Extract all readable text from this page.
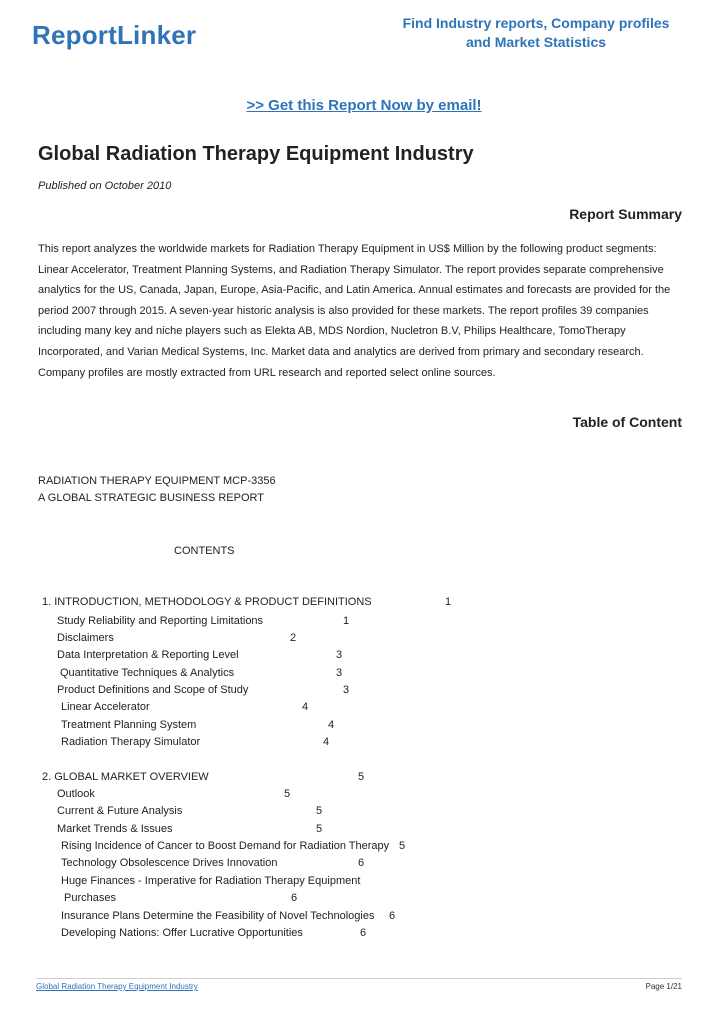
ReportLinker	Find Industry reports, Company profiles
and Market Statistics
>> Get this Report Now by email!
Global Radiation Therapy Equipment Industry
Published on October 2010
Report Summary
This report analyzes the worldwide markets for Radiation Therapy Equipment in US$ Million by the following product segments: Linear Accelerator, Treatment Planning Systems, and Radiation Therapy Simulator. The report provides separate comprehensive analytics for the US, Canada, Japan, Europe, Asia-Pacific, and Latin America. Annual estimates and forecasts are provided for the period 2007 through 2015. A seven-year historic analysis is also provided for these markets. The report profiles 39 companies including many key and niche players such as Elekta AB, MDS Nordion, Nucletron B.V, Philips Healthcare, TomoTherapy Incorporated, and Varian Medical Systems, Inc. Market data and analytics are derived from primary and secondary research. Company profiles are mostly extracted from URL research and reported select online sources.
Table of Content
RADIATION THERAPY EQUIPMENT MCP-3356
A GLOBAL STRATEGIC BUSINESS REPORT
CONTENTS
1. INTRODUCTION, METHODOLOGY & PRODUCT DEFINITIONS	1
Study Reliability and Reporting Limitations	1
Disclaimers	2
Data Interpretation & Reporting Level	3
Quantitative Techniques & Analytics	3
Product Definitions and Scope of Study	3
Linear Accelerator	4
Treatment Planning System	4
Radiation Therapy Simulator	4
2. GLOBAL MARKET OVERVIEW	5
Outlook	5
Current & Future Analysis	5
Market Trends & Issues	5
Rising Incidence of Cancer to Boost Demand for Radiation Therapy 5
Technology Obsolescence Drives Innovation	6
Huge Finances - Imperative for Radiation Therapy Equipment
Purchases	6
Insurance Plans Determine the Feasibility of Novel Technologies 6
Developing Nations: Offer Lucrative Opportunities	6
Global Radiation Therapy Equipment Industry	Page 1/21
